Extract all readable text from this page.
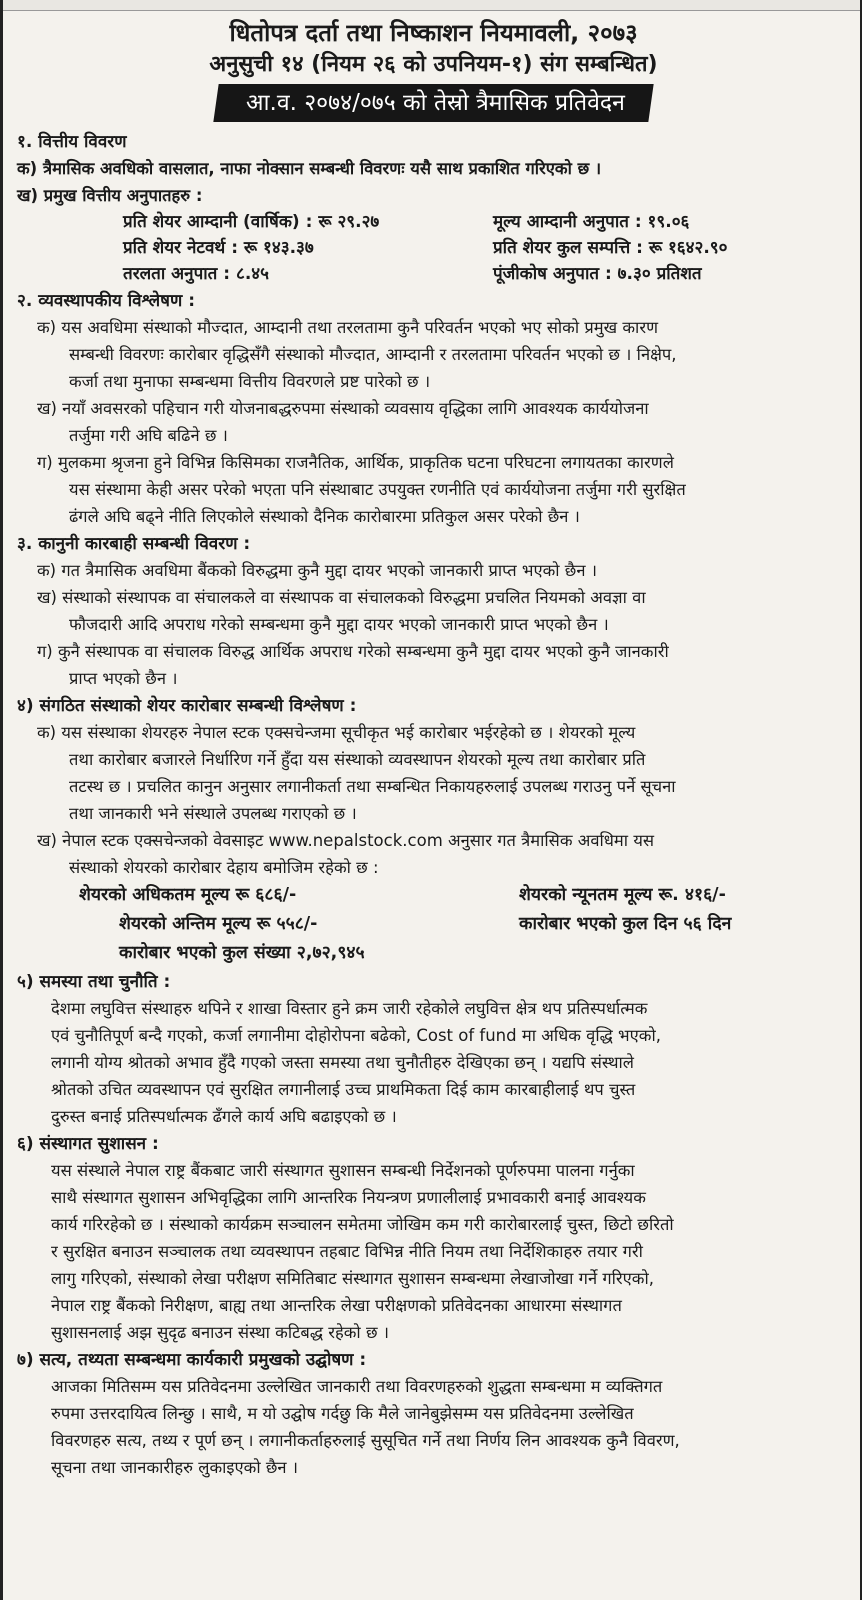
धितोपत्र दर्ता तथा निष्काशन नियमावली, २०७३
अनुसुची १४ (नियम २६ को उपनियम-१) संग सम्बन्धित)
आ.व. २०७४/०७५ को तेस्रो त्रैमासिक प्रतिवेदन
१. वित्तीय विवरण
क) त्रैमासिक अवधिको वासलात, नाफा नोक्सान सम्बन्धी विवरणः यसै साथ प्रकाशित गरिएको छ ।
ख) प्रमुख वित्तीय अनुपातहरु :
प्रति शेयर आम्दानी (वार्षिक) : रू २९.२७	मूल्य आम्दानी अनुपात : १९.०६
प्रति शेयर नेटवर्थ : रू १४३.३७	प्रति शेयर कुल सम्पत्ति : रू १६४२.९०
तरलता अनुपात : ८.४५	पूंजीकोष अनुपात : ७.३० प्रतिशत
२. व्यवस्थापकीय विश्लेषण :
क) यस अवधिमा संस्थाको मौज्दात, आम्दानी तथा तरलतामा कुनै परिवर्तन भएको भए सोको प्रमुख कारण
सम्बन्धी विवरणः कारोबार वृद्धिसँगै संस्थाको मौज्दात, आम्दानी र तरलतामा परिवर्तन भएको छ । निक्षेप,
कर्जा तथा मुनाफा सम्बन्धमा वित्तीय विवरणले प्रष्ट पारेको छ ।
ख) नयाँ अवसरको पहिचान गरी योजनाबद्धरुपमा संस्थाको व्यवसाय वृद्धिका लागि आवश्यक कार्ययोजना
तर्जुमा गरी अघि बढिने छ ।
ग) मुलकमा श्रृजना हुने विभिन्न किसिमका राजनैतिक, आर्थिक, प्राकृतिक घटना परिघटना लगायतका कारणले
यस संस्थामा केही असर परेको भएता पनि संस्थाबाट उपयुक्त रणनीति एवं कार्ययोजना तर्जुमा गरी सुरक्षित
ढंगले अघि बढ्ने नीति लिएकोले संस्थाको दैनिक कारोबारमा प्रतिकुल असर परेको छैन ।
३. कानुनी कारबाही सम्बन्धी विवरण :
क) गत त्रैमासिक अवधिमा बैंकको विरुद्धमा कुनै मुद्दा दायर भएको जानकारी प्राप्त भएको छैन ।
ख) संस्थाको संस्थापक वा संचालकले वा संस्थापक वा संचालकको विरुद्धमा प्रचलित नियमको अवज्ञा वा
फौजदारी आदि अपराध गरेको सम्बन्धमा कुनै मुद्दा दायर भएको जानकारी प्राप्त भएको छैन ।
ग) कुनै संस्थापक वा संचालक विरुद्ध आर्थिक अपराध गरेको सम्बन्धमा कुनै मुद्दा दायर भएको कुनै जानकारी
प्राप्त भएको छैन ।
४) संगठित संस्थाको शेयर कारोबार सम्बन्धी विश्लेषण :
क) यस संस्थाका शेयरहरु नेपाल स्टक एक्सचेन्जमा सूचीकृत भई कारोबार भईरहेको छ । शेयरको मूल्य
तथा कारोबार बजारले निर्धारिण गर्ने हुँदा यस संस्थाको व्यवस्थापन शेयरको मूल्य तथा कारोबार प्रति
तटस्थ छ । प्रचलित कानुन अनुसार लगानीकर्ता तथा सम्बन्धित निकायहरुलाई उपलब्ध गराउनु पर्ने सूचना
तथा जानकारी भने संस्थाले उपलब्ध गराएको छ ।
ख) नेपाल स्टक एक्सचेन्जको वेवसाइट www.nepalstock.com अनुसार गत त्रैमासिक अवधिमा यस
संस्थाको शेयरको कारोबार देहाय बमोजिम रहेको छ :
शेयरको अधिकतम मूल्य रू ६८६/-	शेयरको न्यूनतम मूल्य रू. ४१६/-
शेयरको अन्तिम मूल्य रू ५५८/-	कारोबार भएको कुल दिन ५६ दिन
कारोबार भएको कुल संख्या २,७२,९४५
५) समस्या तथा चुनौति :
देशमा लघुवित्त संस्थाहरु थपिने र शाखा विस्तार हुने क्रम जारी रहेकोले लघुवित्त क्षेत्र थप प्रतिस्पर्धात्मक
एवं चुनौतिपूर्ण बन्दै गएको, कर्जा लगानीमा दोहोरोपना बढेको, Cost of fund मा अधिक वृद्धि भएको,
लगानी योग्य श्रोतको अभाव हुँदै गएको जस्ता समस्या तथा चुनौतीहरु देखिएका छन् । यद्यपि संस्थाले
श्रोतको उचित व्यवस्थापन एवं सुरक्षित लगानीलाई उच्च प्राथमिकता दिई काम कारबाहीलाई थप चुस्त
दुरुस्त बनाई प्रतिस्पर्धात्मक ढँगले कार्य अघि बढाइएको छ ।
६) संस्थागत सुशासन :
यस संस्थाले नेपाल राष्ट्र बैंकबाट जारी संस्थागत सुशासन सम्बन्धी निर्देशनको पूर्णरुपमा पालना गर्नुका
साथै संस्थागत सुशासन अभिवृद्धिका लागि आन्तरिक नियन्त्रण प्रणालीलाई प्रभावकारी बनाई आवश्यक
कार्य गरिरहेको छ । संस्थाको कार्यक्रम सञ्चालन समेतमा जोखिम कम गरी कारोबारलाई चुस्त, छिटो छरितो
र सुरक्षित बनाउन सञ्चालक तथा व्यवस्थापन तहबाट विभिन्न नीति नियम तथा निर्देशिकाहरु तयार गरी
लागु गरिएको, संस्थाको लेखा परीक्षण समितिबाट संस्थागत सुशासन सम्बन्धमा लेखाजोखा गर्ने गरिएको,
नेपाल राष्ट्र बैंकको निरीक्षण, बाह्य तथा आन्तरिक लेखा परीक्षणको प्रतिवेदनका आधारमा संस्थागत
सुशासनलाई अझ सुदृढ बनाउन संस्था कटिबद्ध रहेको छ ।
७) सत्य, तथ्यता सम्बन्धमा कार्यकारी प्रमुखको उद्घोषण :
आजका मितिसम्म यस प्रतिवेदनमा उल्लेखित जानकारी तथा विवरणहरुको शुद्धता सम्बन्धमा म व्यक्तिगत
रुपमा उत्तरदायित्व लिन्छु । साथै, म यो उद्घोष गर्दछु कि मैले जानेबुझेसम्म यस प्रतिवेदनमा उल्लेखित
विवरणहरु सत्य, तथ्य र पूर्ण छन् । लगानीकर्ताहरुलाई सुसूचित गर्ने तथा निर्णय लिन आवश्यक कुनै विवरण,
सूचना तथा जानकारीहरु लुकाइएको छैन ।
